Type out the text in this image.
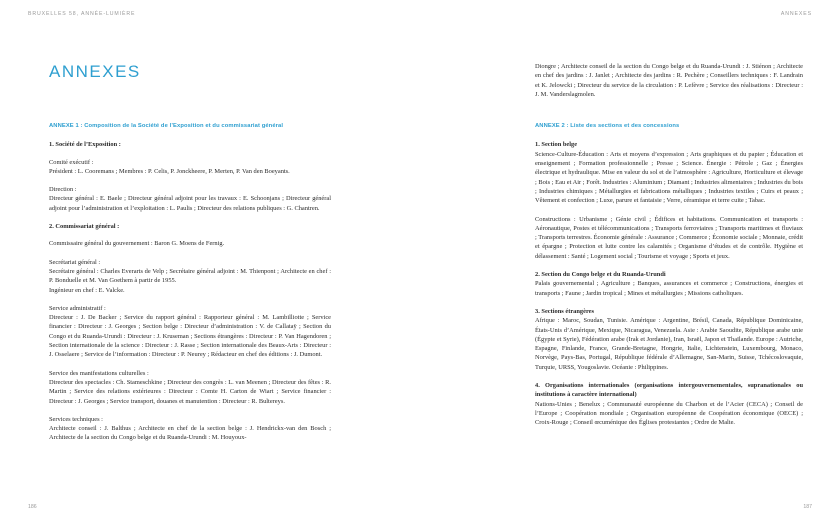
BRUXELLES 58, ANNÉE-LUMIÈRE
ANNEXES
ANNEXE 1 : Composition de la Société de l’Exposition et du commissariat général
1. Société de l’Exposition :

Comité exécutif :

Président : L. Cooremans ; Membres : P. Celis, P. Jonckheere, P. Merten, P. Van den Boeyants.

Direction :

Directeur général : E. Baele ; Directeur général adjoint pour les travaux : E. Schoonjans ; Directeur général adjoint pour l’administration et l’exploitation : L. Paulis ; Directeur des relations publiques : G. Chantren.

2. Commissariat général :

Commissaire général du gouvernement : Baron G. Moens de Fernig.

Secrétariat général :

Secrétaire général : Charles Everarts de Velp ; Secrétaire général adjoint : M. Thienpont ; Architecte en chef : P. Bonduelle et M. Van Goethem à partir de 1955.

Ingénieur en chef : E. Valcke.

Service administratif :

Directeur : J. De Backer ; Service du rapport général : Rapporteur général : M. Lambilliotte ; Service financier : Directeur : J. Georges ; Section belge : Directeur d’administration : V. de Callataÿ ; Section du Congo et du Ruanda-Urundi : Directeur : J. Kruseman ; Sections étrangères : Directeur : P. Van Hagendoren ; Section internationale de la science : Directeur : J. Rasse ; Section internationale des Beaux-Arts : Directeur : J. Osselaere ; Service de l’information : Directeur : P. Neurey ; Rédacteur en chef des éditions : J. Dumont.

Service des manifestations culturelles :

Directeur des spectacles : Ch. Stameschkine ; Directeur des congrès : L. van Meenen ; Directeur des fêtes : R. Martin ; Service des relations extérieures : Directeur : Comte H. Carton de Wiart ; Service financier : Directeur : J. Georges ; Service transport, douanes et manutention : Directeur : R. Bultereys.

Services techniques :

Architecte conseil : J. Balthus ; Architecte en chef de la section belge : J. Hendrickx-van den Bosch ; Architecte de la section du Congo belge et du Ruanda-Urundi : M. Houyoux-

186
ANNEXES

Diongre ; Architecte conseil de la section du Congo belge et du Ruanda-Urundi : J. Stiénon ; Architecte en chef des jardins : J. Janlet ; Architecte des jardins : R. Pechère ; Conseillers techniques : F. Landrain et K. Jelowcki ; Directeur du service de la circulation : P. Lefèvre ; Service des réalisations : Directeur : J. M. Vanderslagmolen.

ANNEXE 2 : Liste des sections et des concessions

1. Section belge

Science-Culture-Éducation : Arts et moyens d’expression ; Arts graphiques et du papier ; Éducation et enseignement ; Formation professionnelle ; Presse ; Science. Énergie : Pétrole ; Gaz ; Énergies électrique et hydraulique. Mise en valeur du sol et de l’atmosphère : Agriculture, Horticulture et élevage ; Bois ; Eau et Air ; Forêt. Industries : Aluminium ; Diamant ; Industries alimentaires ; Industries du bois ; Industries chimiques ; Métallurgies et fabrications métalliques ; Industries textiles ; Cuirs et peaux ; Vêtement et confection ; Luxe, parure et fantaisie ; Verre, céramique et terre cuite ; Tabac.

Constructions : Urbanisme ; Génie civil ; Édifices et habitations. Communication et transports : Aéronautique, Postes et télécommunications ; Transports ferroviaires ; Transports maritimes et fluviaux ; Transports terrestres. Économie générale : Assurance ; Commerce ; Économie sociale ; Monnaie, crédit et épargne ; Protection et lutte contre les calamités ; Organisme d’études et de contrôle. Hygiène et délassement : Santé ; Logement social ; Tourisme et voyage ; Sports et jeux.

2. Section du Congo belge et du Ruanda-Urundi

Palais gouvernemental ; Agriculture ; Banques, assurances et commerce ; Constructions, énergies et transports ; Faune ; Jardin tropical ; Mines et métallurgies ; Missions catholiques.

3. Sections étrangères

Afrique : Maroc, Soudan, Tunisie. Amérique : Argentine, Brésil, Canada, République Dominicaine, États-Unis d’Amérique, Mexique, Nicaragua, Venezuela. Asie : Arabie Saoudite, République arabe unie (Égypte et Syrie), Fédération arabe (Irak et Jordanie), Iran, Israël, Japon et Thaïlande. Europe : Autriche, Espagne, Finlande, France, Grande-Bretagne, Hongrie, Italie, Lichtenstein, Luxembourg, Monaco, Norvège, Pays-Bas, Portugal, République fédérale d’Allemagne, San-Marin, Suisse, Tchécoslovaquie, Turquie, URSS, Yougoslavie. Océanie : Philippines.

4. Organisations internationales (organisations intergouvernementales, supranationales ou institutions à caractère international)

Nations-Unies ; Benelux ; Communauté européenne du Charbon et de l’Acier (CECA) ; Conseil de l’Europe ; Coopération mondiale ; Organisation européenne de Coopération économique (OECE) ; Croix-Rouge ; Conseil œcuménique des Églises protestantes ; Ordre de Malte.

187
